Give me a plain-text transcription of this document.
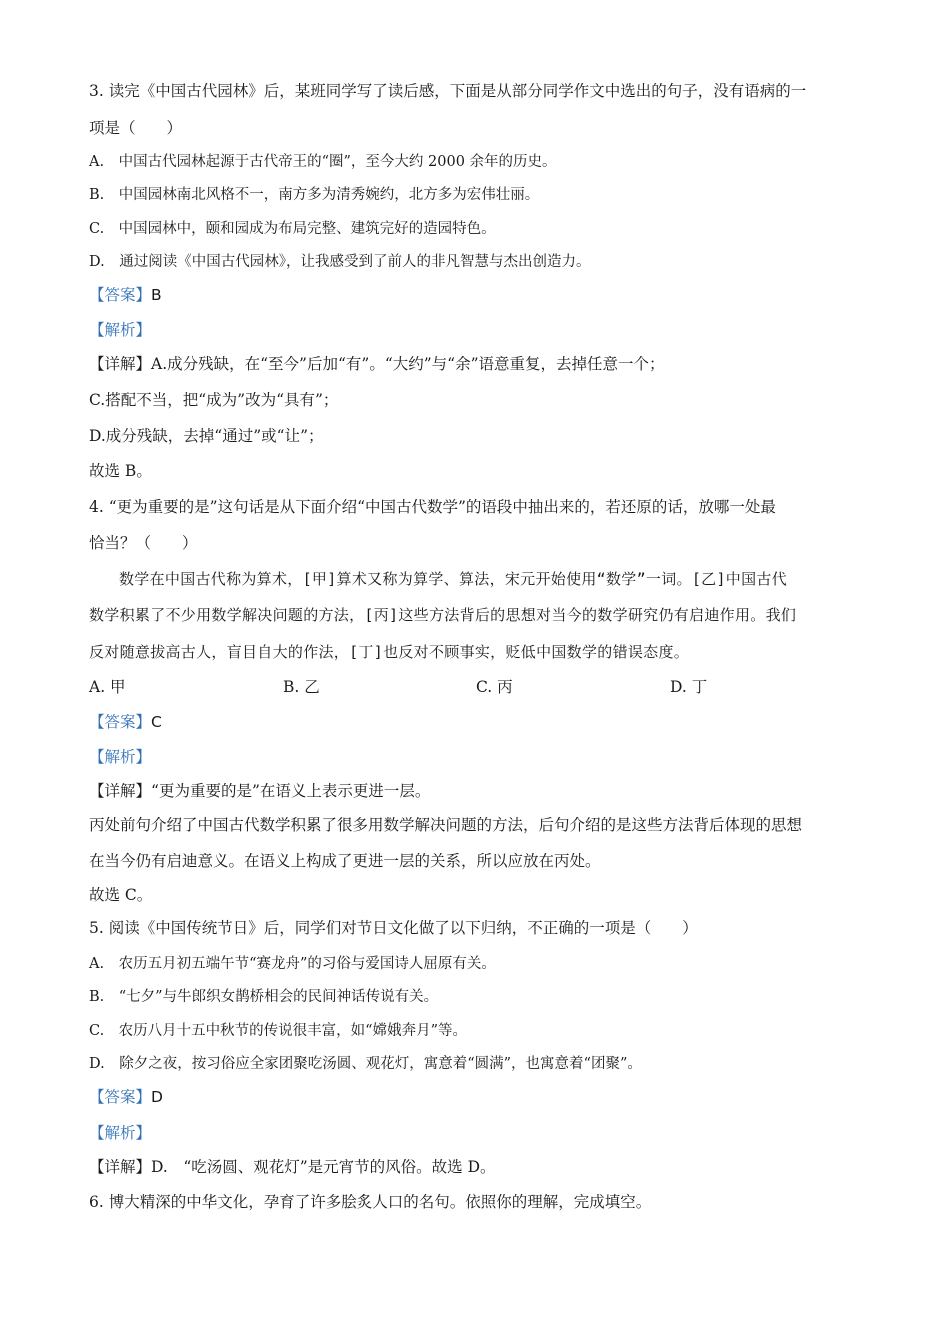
3. 读完《中国古代园林》后，某班同学写了读后感，下面是从部分同学作文中选出的句子，没有语病的一
项是（　　）
A.　中国古代园林起源于古代帝王的“圈”，至今大约 2000 余年的历史。
B.　中国园林南北风格不一，南方多为清秀婉约，北方多为宏伟壮丽。
C.　中国园林中，颐和园成为布局完整、建筑完好的造园特色。
D.　通过阅读《中国古代园林》，让我感受到了前人的非凡智慧与杰出创造力。
【答案】B
【解析】
【详解】A.成分残缺，在“至今”后加“有”。“大约”与“余”语意重复，去掉任意一个；
C.搭配不当，把“成为”改为“具有”；
D.成分残缺，去掉“通过”或“让”；
故选 B。
4. “更为重要的是”这句话是从下面介绍“中国古代数学”的语段中抽出来的，若还原的话，放哪一处最
恰当？（　　）
数学在中国古代称为算术，[甲]算术又称为算学、算法，宋元开始使用“数学”一词。[乙]中国古代
数学积累了不少用数学解决问题的方法，[丙]这些方法背后的思想对当今的数学研究仍有启迪作用。我们
反对随意拔高古人，盲目自大的作法，[丁]也反对不顾事实，贬低中国数学的错误态度。
A. 甲	B. 乙	C. 丙	D. 丁
【答案】C
【解析】
【详解】“更为重要的是”在语义上表示更进一层。
丙处前句介绍了中国古代数学积累了很多用数学解决问题的方法，后句介绍的是这些方法背后体现的思想
在当今仍有启迪意义。在语义上构成了更进一层的关系，所以应放在丙处。
故选 C。
5. 阅读《中国传统节日》后，同学们对节日文化做了以下归纳，不正确的一项是（　　）
A.　农历五月初五端午节“赛龙舟”的习俗与爱国诗人屈原有关。
B.　“七夕”与牛郎织女鹊桥相会的民间神话传说有关。
C.　农历八月十五中秋节的传说很丰富，如“嫦娥奔月”等。
D.　除夕之夜，按习俗应全家团聚吃汤圆、观花灯，寓意着“圆满”，也寓意着“团聚”。
【答案】D
【解析】
【详解】D.　“吃汤圆、观花灯”是元宵节的风俗。故选 D。
6. 博大精深的中华文化，孕育了许多脍炙人口的名句。依照你的理解，完成填空。
